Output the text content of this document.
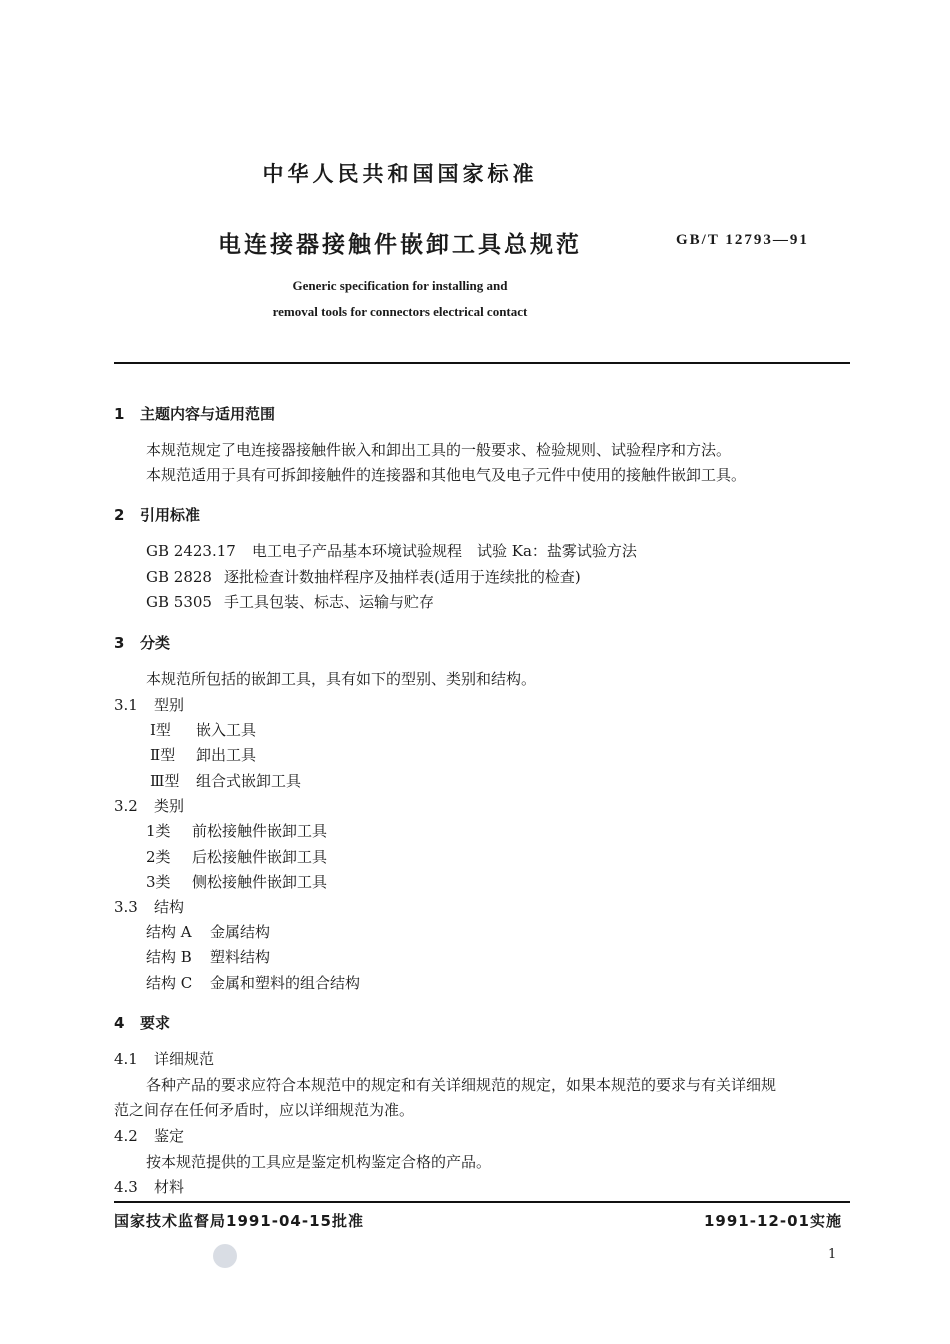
中华人民共和国国家标准
电连接器接触件嵌卸工具总规范	GB/T 12793—91
Generic specification for installing and
removal tools for connectors electrical contact
1 主题内容与适用范围
本规范规定了电连接器接触件嵌入和卸出工具的一般要求、检验规则、试验程序和方法。
本规范适用于具有可拆卸接触件的连接器和其他电气及电子元件中使用的接触件嵌卸工具。
2 引用标准
GB 2423.17 电工电子产品基本环境试验规程　试验 Ka：盐雾试验方法
GB 2828 逐批检查计数抽样程序及抽样表(适用于连续批的检查)
GB 5305 手工具包装、标志、运输与贮存
3 分类
本规范所包括的嵌卸工具，具有如下的型别、类别和结构。
3.1 型别
Ⅰ型 嵌入工具
Ⅱ型 卸出工具
Ⅲ型 组合式嵌卸工具
3.2 类别
1类 前松接触件嵌卸工具
2类 后松接触件嵌卸工具
3类 侧松接触件嵌卸工具
3.3 结构
结构 A 金属结构
结构 B 塑料结构
结构 C 金属和塑料的组合结构
4 要求
4.1 详细规范
各种产品的要求应符合本规范中的规定和有关详细规范的规定，如果本规范的要求与有关详细规
范之间存在任何矛盾时，应以详细规范为准。
4.2 鉴定
按本规范提供的工具应是鉴定机构鉴定合格的产品。
4.3 材料
国家技术监督局1991-04-15批准	1991-12-01实施
1
